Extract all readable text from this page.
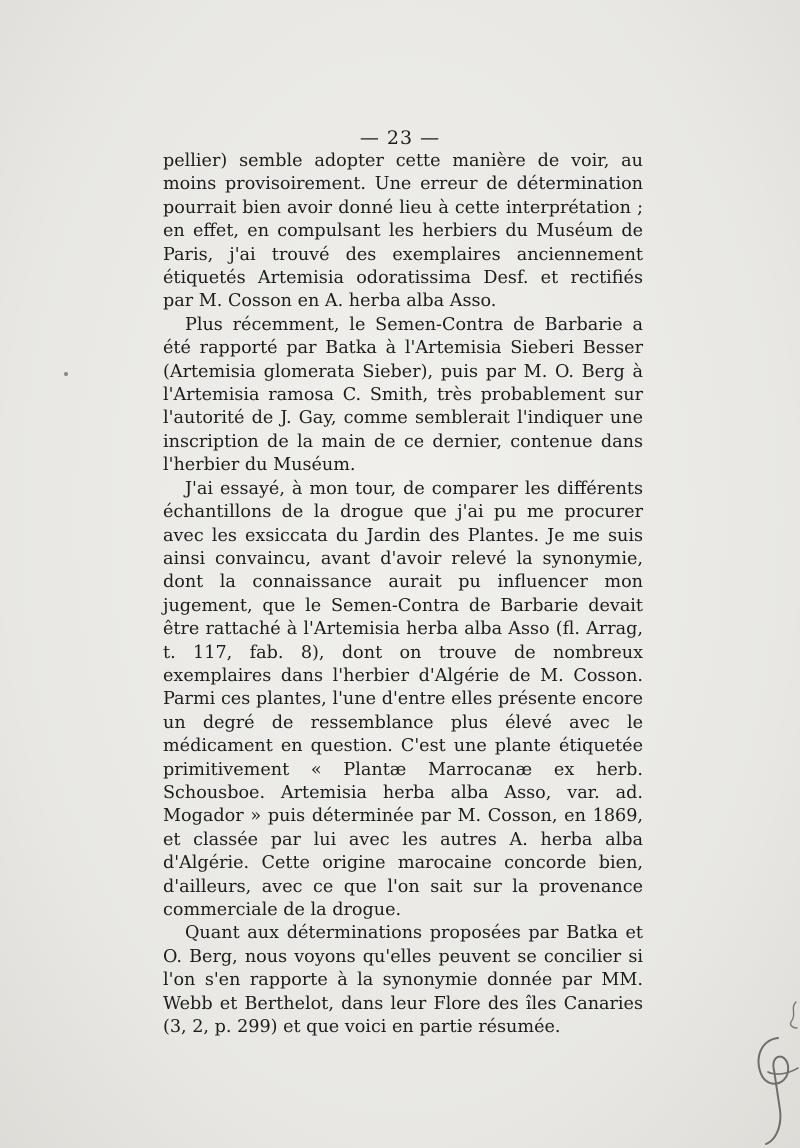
— 23 —

pellier) semble adopter cette manière de voir, au moins provisoirement. Une erreur de détermination pourrait bien avoir donné lieu à cette interprétation ; en effet, en compulsant les herbiers du Muséum de Paris, j'ai trouvé des exemplaires anciennement étiquetés Artemisia odoratissima Desf. et rectifiés par M. Cosson en A. herba alba Asso.

Plus récemment, le Semen-Contra de Barbarie a été rapporté par Batka à l'Artemisia Sieberi Besser (Artemisia glomerata Sieber), puis par M. O. Berg à l'Artemisia ramosa C. Smith, très probablement sur l'autorité de J. Gay, comme semblerait l'indiquer une inscription de la main de ce dernier, contenue dans l'herbier du Muséum.

J'ai essayé, à mon tour, de comparer les différents échantillons de la drogue que j'ai pu me procurer avec les exsiccata du Jardin des Plantes. Je me suis ainsi convaincu, avant d'avoir relevé la synonymie, dont la connaissance aurait pu influencer mon jugement, que le Semen-Contra de Barbarie devait être rattaché à l'Artemisia herba alba Asso (fl. Arrag, t. 117, fab. 8), dont on trouve de nombreux exemplaires dans l'herbier d'Algérie de M. Cosson. Parmi ces plantes, l'une d'entre elles présente encore un degré de ressemblance plus élevé avec le médicament en question. C'est une plante étiquetée primitivement « Plantæ Marrocanæ ex herb. Schousboe. Artemisia herba alba Asso, var. ad. Mogador » puis déterminée par M. Cosson, en 1869, et classée par lui avec les autres A. herba alba d'Algérie. Cette origine marocaine concorde bien, d'ailleurs, avec ce que l'on sait sur la provenance commerciale de la drogue.

Quant aux déterminations proposées par Batka et O. Berg, nous voyons qu'elles peuvent se concilier si l'on s'en rapporte à la synonymie donnée par MM. Webb et Berthelot, dans leur Flore des îles Canaries (3, 2, p. 299) et que voici en partie résumée.
